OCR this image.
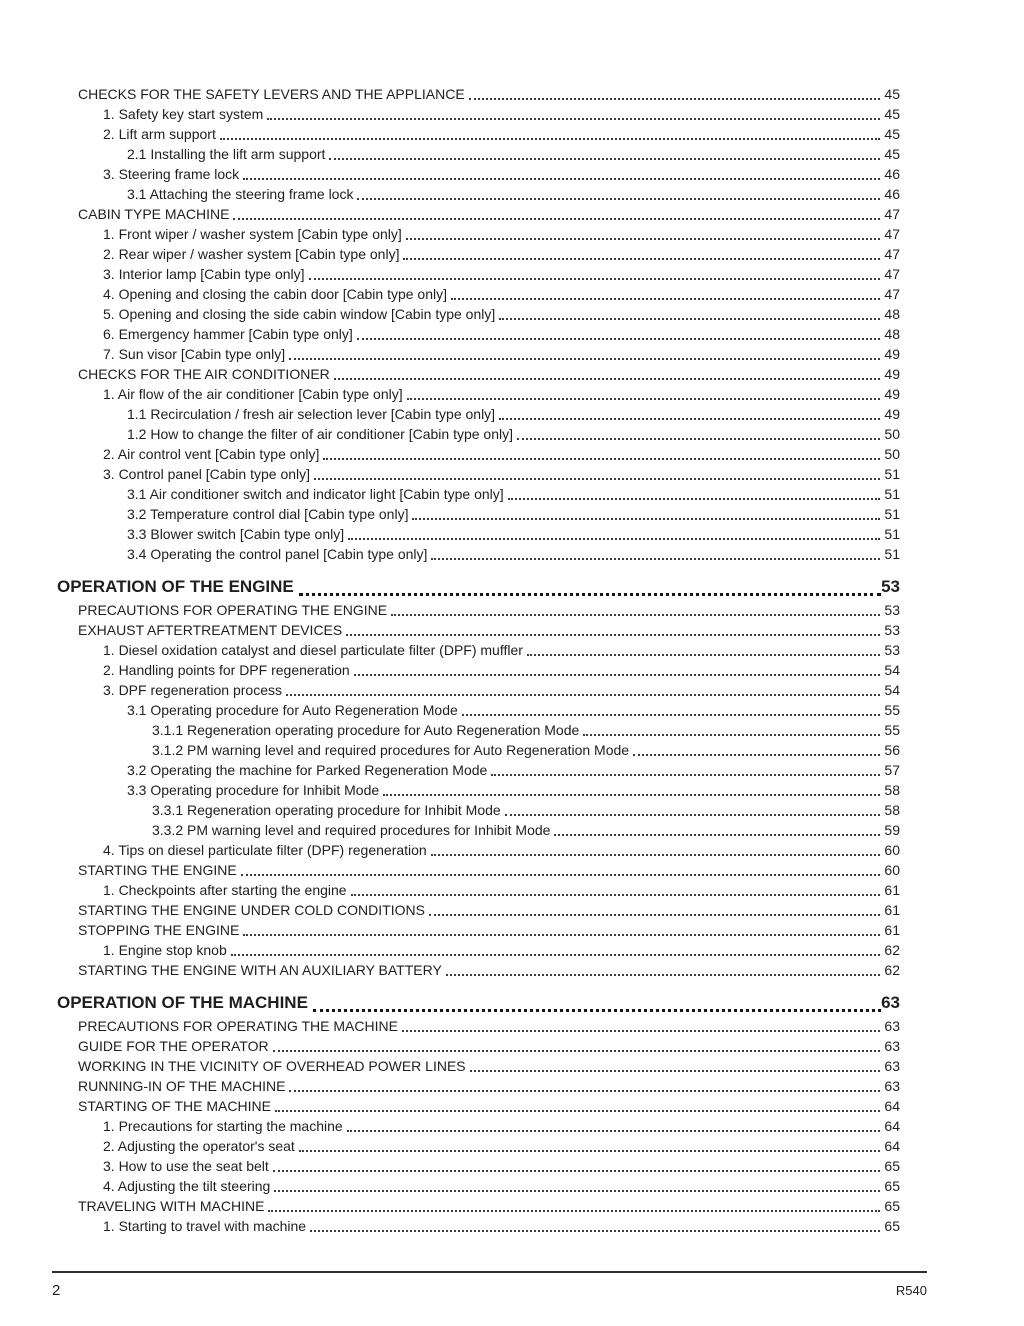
CHECKS FOR THE SAFETY LEVERS AND THE APPLIANCE	45
1. Safety key start system	45
2. Lift arm support	45
2.1 Installing the lift arm support	45
3. Steering frame lock	46
3.1 Attaching the steering frame lock	46
CABIN TYPE MACHINE	47
1. Front wiper / washer system [Cabin type only]	47
2. Rear wiper / washer system [Cabin type only]	47
3. Interior lamp [Cabin type only]	47
4. Opening and closing the cabin door [Cabin type only]	47
5. Opening and closing the side cabin window [Cabin type only]	48
6. Emergency hammer [Cabin type only]	48
7. Sun visor [Cabin type only]	49
CHECKS FOR THE AIR CONDITIONER	49
1. Air flow of the air conditioner [Cabin type only]	49
1.1 Recirculation / fresh air selection lever [Cabin type only]	49
1.2 How to change the filter of air conditioner [Cabin type only]	50
2. Air control vent [Cabin type only]	50
3. Control panel [Cabin type only]	51
3.1 Air conditioner switch and indicator light [Cabin type only]	51
3.2 Temperature control dial [Cabin type only]	51
3.3 Blower switch [Cabin type only]	51
3.4 Operating the control panel [Cabin type only]	51
OPERATION OF THE ENGINE	53
PRECAUTIONS FOR OPERATING THE ENGINE	53
EXHAUST AFTERTREATMENT DEVICES	53
1. Diesel oxidation catalyst and diesel particulate filter (DPF) muffler	53
2. Handling points for DPF regeneration	54
3. DPF regeneration process	54
3.1 Operating procedure for Auto Regeneration Mode	55
3.1.1 Regeneration operating procedure for Auto Regeneration Mode	55
3.1.2 PM warning level and required procedures for Auto Regeneration Mode	56
3.2 Operating the machine for Parked Regeneration Mode	57
3.3 Operating procedure for Inhibit Mode	58
3.3.1 Regeneration operating procedure for Inhibit Mode	58
3.3.2 PM warning level and required procedures for Inhibit Mode	59
4. Tips on diesel particulate filter (DPF) regeneration	60
STARTING THE ENGINE	60
1. Checkpoints after starting the engine	61
STARTING THE ENGINE UNDER COLD CONDITIONS	61
STOPPING THE ENGINE	61
1. Engine stop knob	62
STARTING THE ENGINE WITH AN AUXILIARY BATTERY	62
OPERATION OF THE MACHINE	63
PRECAUTIONS FOR OPERATING THE MACHINE	63
GUIDE FOR THE OPERATOR	63
WORKING IN THE VICINITY OF OVERHEAD POWER LINES	63
RUNNING-IN OF THE MACHINE	63
STARTING OF THE MACHINE	64
1. Precautions for starting the machine	64
2. Adjusting the operator's seat	64
3. How to use the seat belt	65
4. Adjusting the tilt steering	65
TRAVELING WITH MACHINE	65
1. Starting to travel with machine	65
2	R540
